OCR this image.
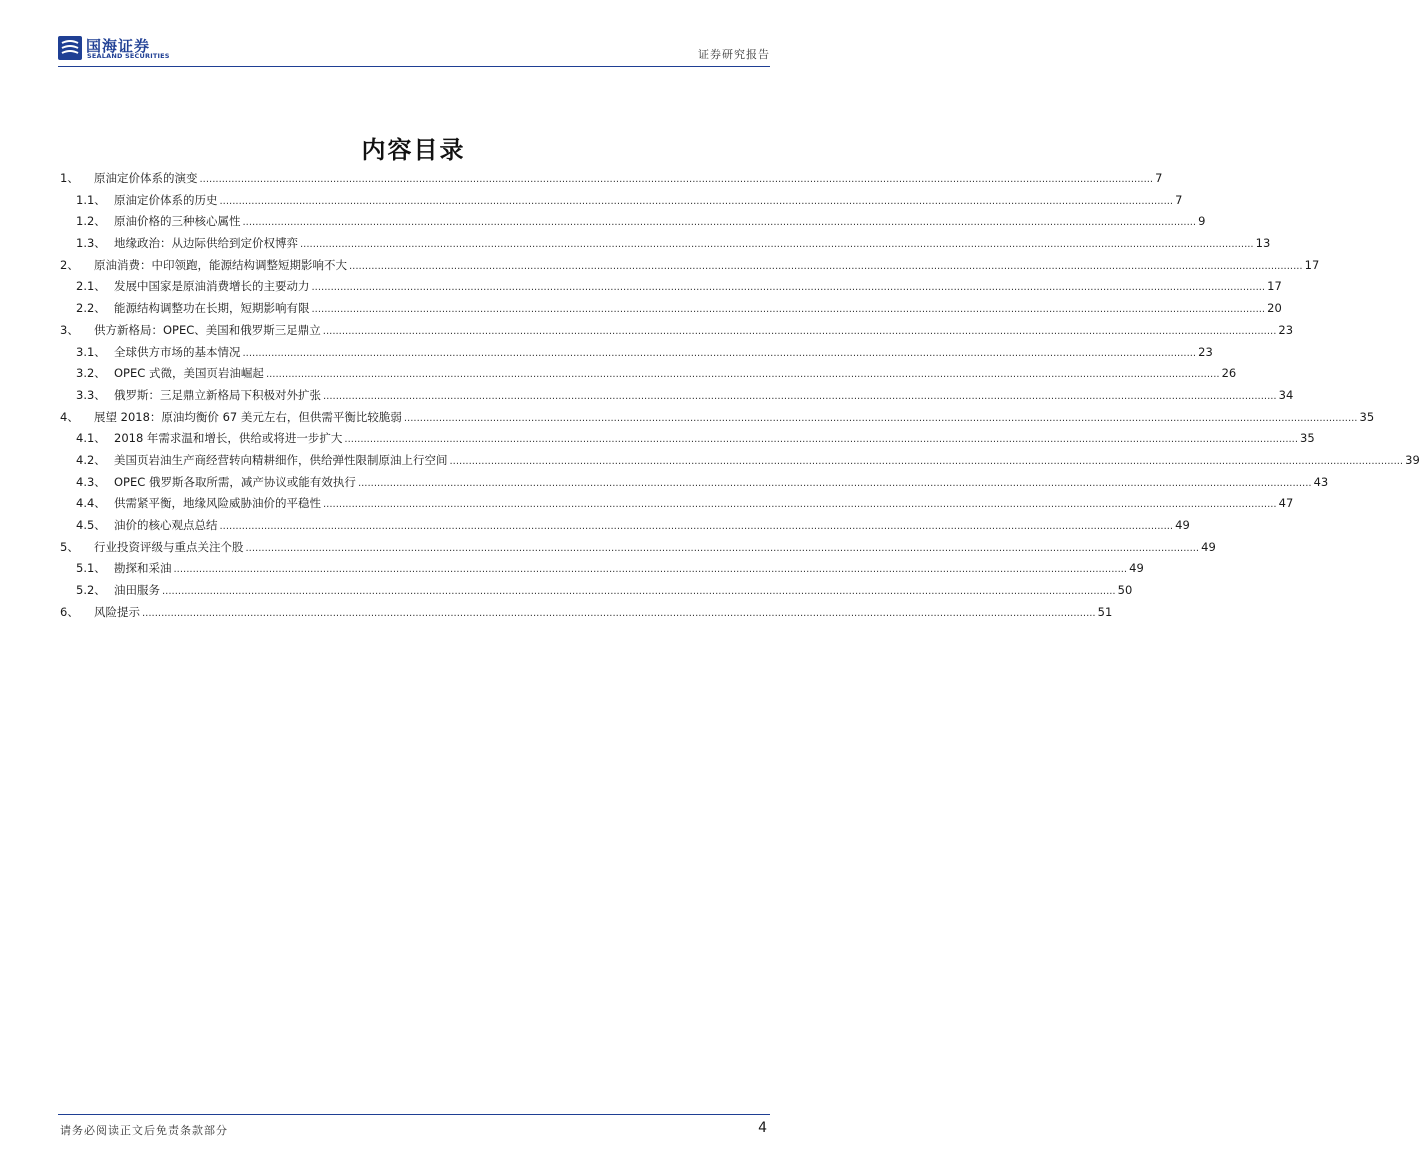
国海证券
SEALAND SECURITIES	证券研究报告
内容目录
1、	原油定价体系的演变 ............................................................................................................................................................................................................................................................................................................ 7
1.1、 原油定价体系的历史 ............................................................................................................................................................................................................................................................................................................ 7
1.2、 原油价格的三种核心属性 ............................................................................................................................................................................................................................................................................................................ 9
1.3、 地缘政治：从边际供给到定价权博弈 ............................................................................................................................................................................................................................................................................................................ 13
2、	原油消费：中印领跑，能源结构调整短期影响不大 ............................................................................................................................................................................................................................................................................................................ 17
2.1、 发展中国家是原油消费增长的主要动力 ............................................................................................................................................................................................................................................................................................................ 17
2.2、 能源结构调整功在长期，短期影响有限 ............................................................................................................................................................................................................................................................................................................ 20
3、	供方新格局：OPEC、美国和俄罗斯三足鼎立 ............................................................................................................................................................................................................................................................................................................ 23
3.1、 全球供方市场的基本情况 ............................................................................................................................................................................................................................................................................................................ 23
3.2、 OPEC 式微，美国页岩油崛起 ............................................................................................................................................................................................................................................................................................................ 26
3.3、 俄罗斯：三足鼎立新格局下积极对外扩张 ............................................................................................................................................................................................................................................................................................................ 34
4、	展望 2018：原油均衡价 67 美元左右，但供需平衡比较脆弱 ............................................................................................................................................................................................................................................................................................................ 35
4.1、 2018 年需求温和增长，供给或将进一步扩大 ............................................................................................................................................................................................................................................................................................................ 35
4.2、 美国页岩油生产商经营转向精耕细作，供给弹性限制原油上行空间 ............................................................................................................................................................................................................................................................................................................ 39
4.3、 OPEC 俄罗斯各取所需，减产协议或能有效执行 ............................................................................................................................................................................................................................................................................................................ 43
4.4、 供需紧平衡，地缘风险威胁油价的平稳性 ............................................................................................................................................................................................................................................................................................................ 47
4.5、 油价的核心观点总结 ............................................................................................................................................................................................................................................................................................................ 49
5、	行业投资评级与重点关注个股 ............................................................................................................................................................................................................................................................................................................ 49
5.1、 勘探和采油 ............................................................................................................................................................................................................................................................................................................ 49
5.2、 油田服务 ............................................................................................................................................................................................................................................................................................................ 50
6、	风险提示 ............................................................................................................................................................................................................................................................................................................ 51
请务必阅读正文后免责条款部分	4
